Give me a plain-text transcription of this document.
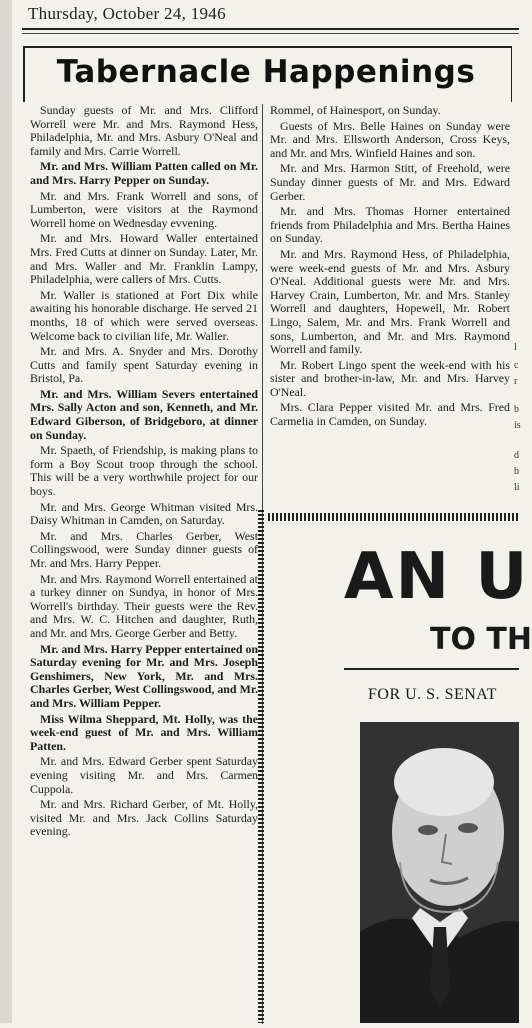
Thursday, October 24, 1946
Tabernacle Happenings

Sunday guests of Mr. and Mrs. Clifford Worrell were Mr. and Mrs. Raymond Hess, Philadelphia, Mr. and Mrs. Asbury O'Neal and family and Mrs. Carrie Worrell.

Mr. and Mrs. William Patten called on Mr. and Mrs. Harry Pepper on Sunday.

Mr. and Mrs. Frank Worrell and sons, of Lumberton, were visitors at the Raymond Worrell home on Wednesday evvening.

Mr. and Mrs. Howard Waller entertained Mrs. Fred Cutts at dinner on Sunday. Later, Mr. and Mrs. Waller and Mr. Franklin Lampy, Philadelphia, were callers of Mrs. Cutts.

Mr. Waller is stationed at Fort Dix while awaiting his honorable discharge. He served 21 months, 18 of which were served overseas. Welcome back to civilian life, Mr. Waller.

Mr. and Mrs. A. Snyder and Mrs. Dorothy Cutts and family spent Saturday evening in Bristol, Pa.

Mr. and Mrs. William Severs entertained Mrs. Sally Acton and son, Kenneth, and Mr. Edward Giberson, of Bridgeboro, at dinner on Sunday.

Mr. Spaeth, of Friendship, is making plans to form a Boy Scout troop through the school. This will be a very worthwhile project for our boys.

Mr. and Mrs. George Whitman visited Mrs. Daisy Whitman in Camden, on Saturday.

Mr. and Mrs. Charles Gerber, West Collingswood, were Sunday dinner guests of Mr. and Mrs. Harry Pepper.

Mr. and Mrs. Raymond Worrell entertained at a turkey dinner on Sundya, in honor of Mrs. Worrell's birthday. Their guests were the Rev. and Mrs. W. C. Hitchen and daughter, Ruth, and Mr. and Mrs. George Gerber and Betty.

Mr. and Mrs. Harry Pepper entertained on Saturday evening for Mr. and Mrs. Joseph Genshimers, New York, Mr. and Mrs. Charles Gerber, West Collingswood, and Mr. and Mrs. William Pepper.

Miss Wilma Sheppard, Mt. Holly, was the week-end guest of Mr. and Mrs. William Patten.

Mr. and Mrs. Edward Gerber spent Saturday evening visiting Mr. and Mrs. Carmen Cuppola.

Mr. and Mrs. Richard Gerber, of Mt. Holly, visited Mr. and Mrs. Jack Collins Saturday evening.

Rommel, of Hainesport, on Sunday.

Guests of Mrs. Belle Haines on Sunday were Mr. and Mrs. Ellsworth Anderson, Cross Keys, and Mr. and Mrs. Winfield Haines and son.

Mr. and Mrs. Harmon Stitt, of Freehold, were Sunday dinner guests of Mr. and Mrs. Edward Gerber.

Mr. and Mrs. Thomas Horner entertained friends from Philadelphia and Mrs. Bertha Haines on Sunday.

Mr. and Mrs. Raymond Hess, of Philadelphia, were week-end guests of Mr. and Mrs. Asbury O'Neal. Additional guests were Mr. and Mrs. Harvey Crain, Lumberton, Mr. and Mrs. Stanley Worrell and daughters, Hopewell, Mr. Robert Lingo, Salem, Mr. and Mrs. Frank Worrell and sons, Lumberton, and Mr. and Mrs. Raymond Worrell and family.

Mr. Robert Lingo spent the week-end with his sister and brother-in-law, Mr. and Mrs. Harvey O'Neal.

Mrs. Clara Pepper visited Mr. and Mrs. Fred Carmelia in Camden, on Sunday.

l
c
r
b
is
d
b
li
AN U
TO TH
FOR U. S. SENAT
